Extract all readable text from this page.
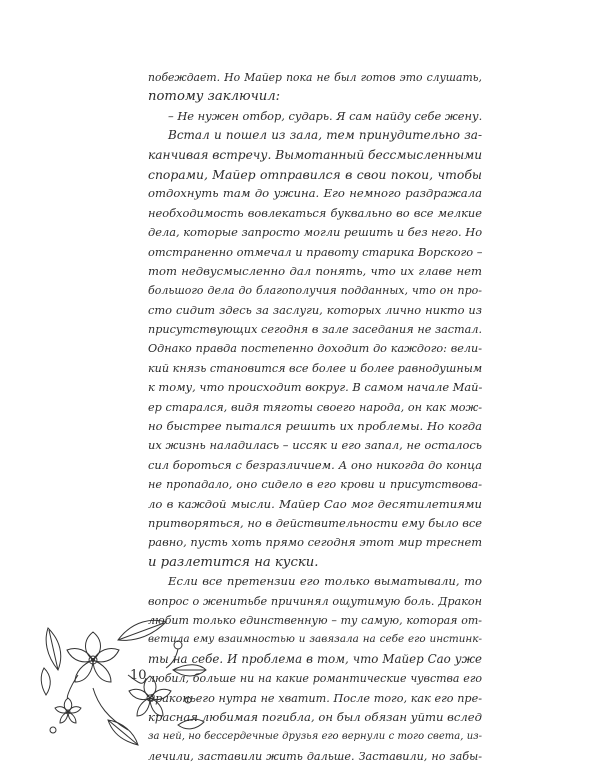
побеждает. Но Майер пока не был готов это слушать,
потому заключил:
– Не нужен отбор, сударь. Я сам найду себе жену.
Встал и пошел из зала, тем принудительно за-
канчивая встречу. Вымотанный бессмысленными
спорами, Майер отправился в свои покои, чтобы
отдохнуть там до ужина. Его немного раздражала
необходимость вовлекаться буквально во все мелкие
дела, которые запросто могли решить и без него. Но
отстраненно отмечал и правоту старика Ворского –
тот недвусмысленно дал понять, что их главе нет
большого дела до благополучия подданных, что он про-
сто сидит здесь за заслуги, которых лично никто из
присутствующих сегодня в зале заседания не застал.
Однако правда постепенно доходит до каждого: вели-
кий князь становится все более и более равнодушным
к тому, что происходит вокруг. В самом начале Май-
ер старался, видя тяготы своего народа, он как мож-
но быстрее пытался решить их проблемы. Но когда
их жизнь наладилась – иссяк и его запал, не осталось
сил бороться с безразличием. А оно никогда до конца
не пропадало, оно сидело в его крови и присутствова-
ло в каждой мысли. Майер Сао мог десятилетиями
притворяться, но в действительности ему было все
равно, пусть хоть прямо сегодня этот мир треснет
и разлетится на куски.
Если все претензии его только выматывали, то
вопрос о женитьбе причинял ощутимую боль. Дракон
любит только единственную – ту самую, которая от-
ветила ему взаимностью и завязала на себе его инстинк-
ты на себе. И проблема в том, что Майер Сао уже
любил, больше ни на какие романтические чувства его
драконьего нутра не хватит. После того, как его пре-
красная любимая погибла, он был обязан уйти вслед
за ней, но бессердечные друзья его вернули с того света, из-
лечили, заставили жить дальше. Заставили, но забы-
10
